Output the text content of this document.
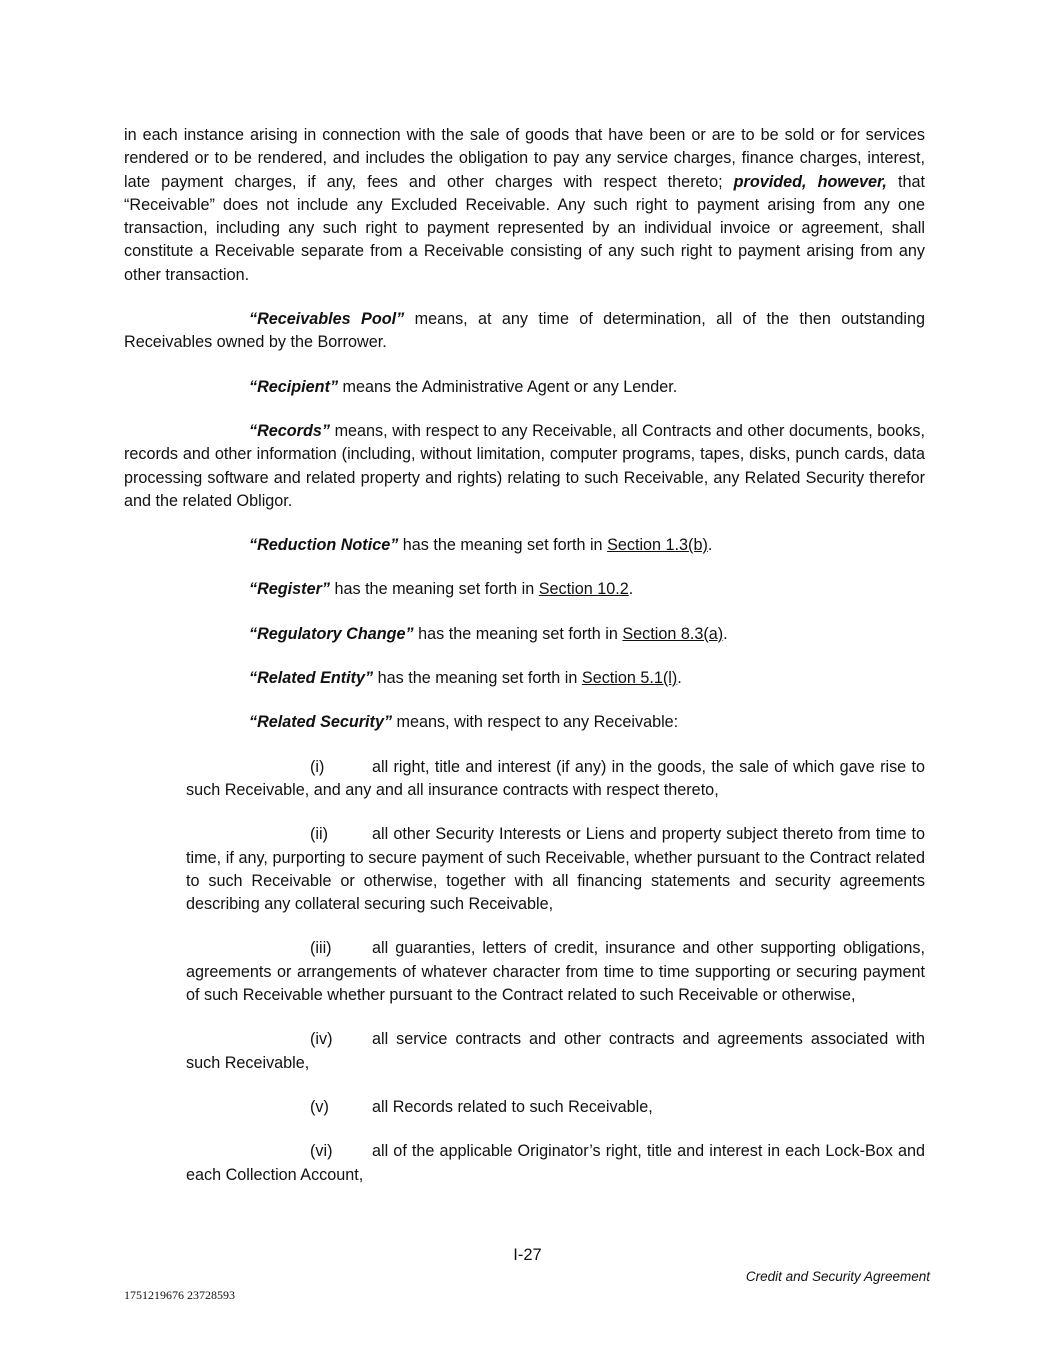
in each instance arising in connection with the sale of goods that have been or are to be sold or for services rendered or to be rendered, and includes the obligation to pay any service charges, finance charges, interest, late payment charges, if any, fees and other charges with respect thereto; provided, however, that “Receivable” does not include any Excluded Receivable. Any such right to payment arising from any one transaction, including any such right to payment represented by an individual invoice or agreement, shall constitute a Receivable separate from a Receivable consisting of any such right to payment arising from any other transaction.

“Receivables Pool” means, at any time of determination, all of the then outstanding Receivables owned by the Borrower.

“Recipient” means the Administrative Agent or any Lender.

“Records” means, with respect to any Receivable, all Contracts and other documents, books, records and other information (including, without limitation, computer programs, tapes, disks, punch cards, data processing software and related property and rights) relating to such Receivable, any Related Security therefor and the related Obligor.

“Reduction Notice” has the meaning set forth in Section 1.3(b).

“Register” has the meaning set forth in Section 10.2.

“Regulatory Change” has the meaning set forth in Section 8.3(a).

“Related Entity” has the meaning set forth in Section 5.1(l).

“Related Security” means, with respect to any Receivable:

(i)	all right, title and interest (if any) in the goods, the sale of which gave rise to such Receivable, and any and all insurance contracts with respect thereto,

(ii)	all other Security Interests or Liens and property subject thereto from time to time, if any, purporting to secure payment of such Receivable, whether pursuant to the Contract related to such Receivable or otherwise, together with all financing statements and security agreements describing any collateral securing such Receivable,

(iii) all guaranties, letters of credit, insurance and other supporting obligations, agreements or arrangements of whatever character from time to time supporting or securing payment of such Receivable whether pursuant to the Contract related to such Receivable or otherwise,

(iv) all service contracts and other contracts and agreements associated with such Receivable,

(v)	all Records related to such Receivable,

(vi) all of the applicable Originator’s right, title and interest in each Lock-Box and each Collection Account,

I-27
Credit and Security Agreement
1751219676 23728593
